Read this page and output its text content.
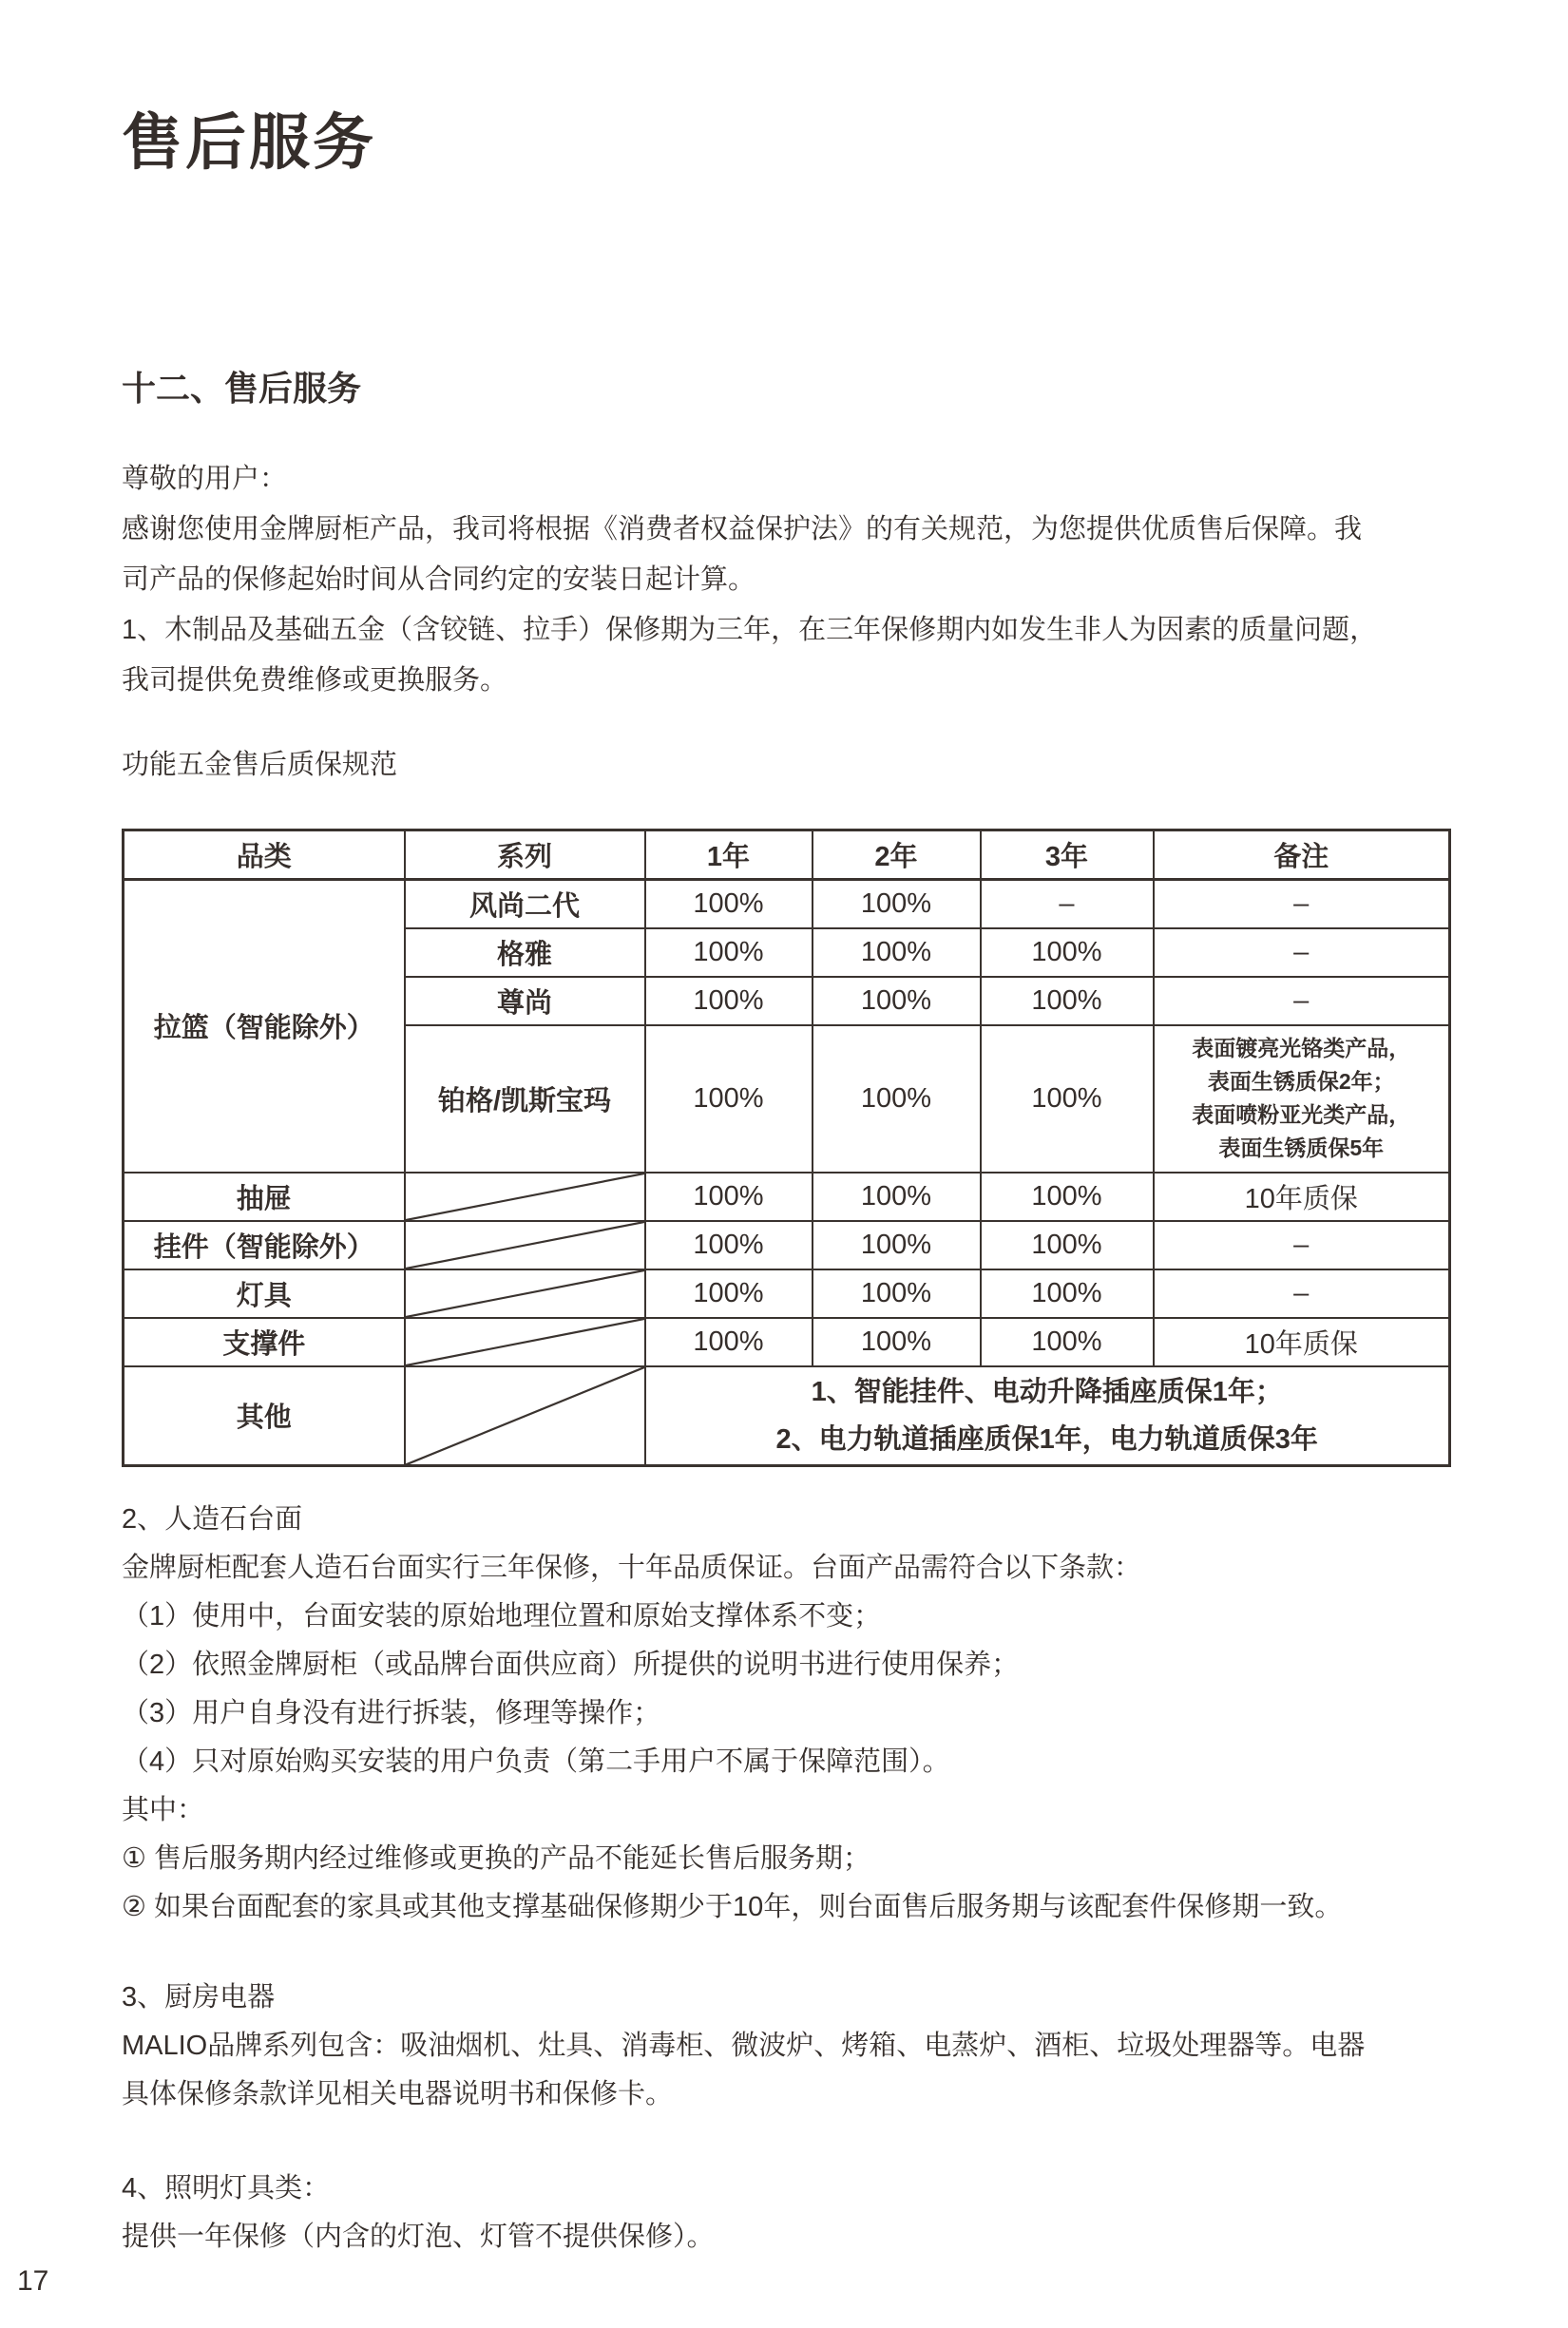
售后服务
十二、售后服务
尊敬的用户：
感谢您使用金牌厨柜产品，我司将根据《消费者权益保护法》的有关规范，为您提供优质售后保障。我
司产品的保修起始时间从合同约定的安装日起计算。
1、木制品及基础五金（含铰链、拉手）保修期为三年，在三年保修期内如发生非人为因素的质量问题，
我司提供免费维修或更换服务。
功能五金售后质保规范
品类	系列	1年	2年	3年	备注
拉篮（智能除外）	风尚二代	100%	100%	–	–
	格雅	100%	100%	100%	–
	尊尚	100%	100%	100%	–
	铂格/凯斯宝玛	100%	100%	100%	表面镀亮光铬类产品，
表面生锈质保2年；
表面喷粉亚光类产品，
表面生锈质保5年

抽屉		100%	100%	100%	10年质保
挂件（智能除外）		100%	100%	100%	–
灯具		100%	100%	100%	–
支撑件		100%	100%	100%	10年质保
其他		1、智能挂件、电动升降插座质保1年；
2、电力轨道插座质保1年，电力轨道质保3年			
2、人造石台面
金牌厨柜配套人造石台面实行三年保修，十年品质保证。台面产品需符合以下条款：
（1）使用中，台面安装的原始地理位置和原始支撑体系不变；
（2）依照金牌厨柜（或品牌台面供应商）所提供的说明书进行使用保养；
（3）用户自身没有进行拆装，修理等操作；
（4）只对原始购买安装的用户负责（第二手用户不属于保障范围）。
其中：
① 售后服务期内经过维修或更换的产品不能延长售后服务期；
② 如果台面配套的家具或其他支撑基础保修期少于10年，则台面售后服务期与该配套件保修期一致。
3、厨房电器
MALIO品牌系列包含：吸油烟机、灶具、消毒柜、微波炉、烤箱、电蒸炉、酒柜、垃圾处理器等。电器
具体保修条款详见相关电器说明书和保修卡。
4、照明灯具类：
提供一年保修（内含的灯泡、灯管不提供保修）。
17
